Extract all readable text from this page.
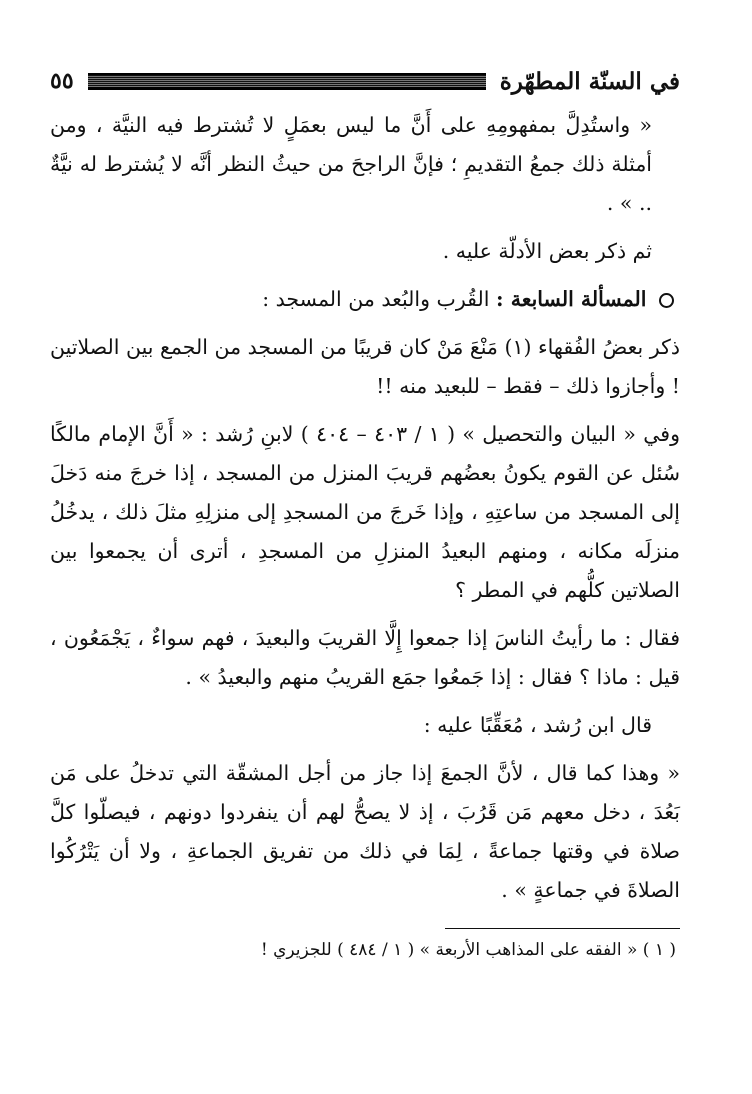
في السنّة المطهّرة
٥٥

« واستُدِلَّ بمفهومِهِ على أَنَّ ما ليس بعمَلٍ لا تُشترط فيه النيَّة ، ومن أمثلة ذلك جمعُ التقديمِ ؛ فإنَّ الراجحَ من حيثُ النظر أنَّه لا يُشترط له نيَّةٌ .. » .

ثم ذكر بعض الأدلّة عليه .

المسألة السابعة : القُرب والبُعد من المسجد :

ذكر بعضُ الفُقهاء (١) مَنْعَ مَنْ كان قريبًا من المسجد من الجمع بين الصلاتين ! وأجازوا ذلك – فقط – للبعيد منه !!

وفي « البيان والتحصيل » ( ١ / ٤٠٣ – ٤٠٤ ) لابنِ رُشد : « أَنَّ الإمام مالكًا سُئل عن القوم يكونُ بعضُهم قريبَ المنزل من المسجد ، إذا خرجَ منه دَخلَ إلى المسجد من ساعتِهِ ، وإذا خَرجَ من المسجدِ إلى منزلِهِ مثلَ ذلك ، يدخُلُ منزلَه مكانه ، ومنهم البعيدُ المنزلِ من المسجدِ ، أترى أن يجمعوا بين الصلاتين كلُّهم في المطر ؟

فقال : ما رأيتُ الناسَ إذا جمعوا إِلَّا القريبَ والبعيدَ ، فهم سواءٌ ، يَجْمَعُون ، قيل : ماذا ؟ فقال : إذا جَمعُوا جمَع القريبُ منهم والبعيدُ » .

قال ابن رُشد ، مُعَقِّبًا عليه :

« وهذا كما قال ، لأنَّ الجمعَ إذا جاز من أجل المشقّة التي تدخلُ على مَن بَعُدَ ، دخل معهم مَن قَرُبَ ، إذ لا يصحُّ لهم أن ينفردوا دونهم ، فيصلّوا كلَّ صلاة في وقتها جماعةً ، لِمَا في ذلك من تفريق الجماعةِ ، ولا أن يَتْرُكُوا الصلاةَ في جماعةٍ » .

( ١ ) « الفقه على المذاهب الأربعة » ( ١ / ٤٨٤ ) للجزيري !
